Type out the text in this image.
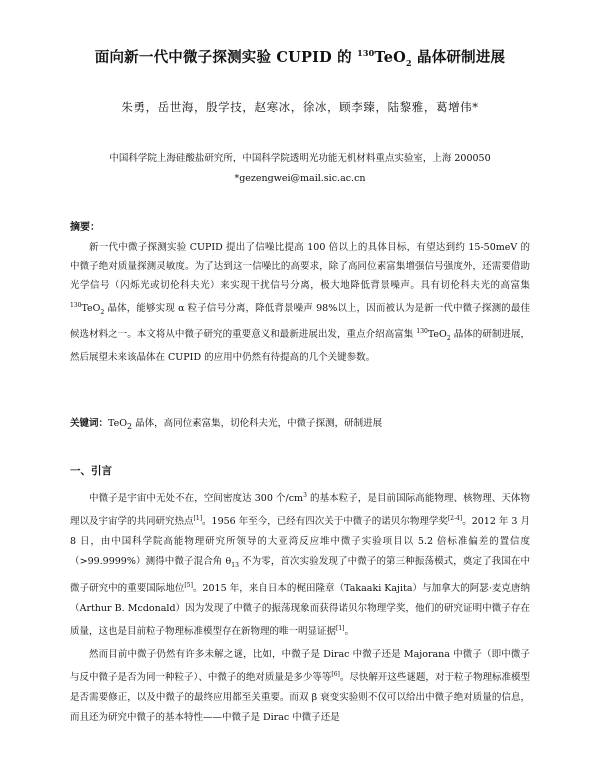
面向新一代中微子探测实验 CUPID 的 $^{130}$TeO$_2$ 晶体研制进展
朱勇，岳世海，殷学技，赵寒冰，徐冰，顾李臻，陆黎雅，葛增伟*
中国科学院上海硅酸盐研究所，中国科学院透明光功能无机材料重点实验室，上海 200050
*gezengwei@mail.sic.ac.cn
摘要：

新一代中微子探测实验 CUPID 提出了信噪比提高 100 倍以上的具体目标，有望达到约 15-50meV 的中微子绝对质量探测灵敏度。为了达到这一信噪比的高要求，除了高同位素富集增强信号强度外，还需要借助光学信号（闪烁光或切伦科夫光）来实现干扰信号分离，极大地降低背景噪声。具有切伦科夫光的高富集 $^{130}$TeO$_2$ 晶体，能够实现 α 粒子信号分离，降低背景噪声 98%以上，因而被认为是新一代中微子探测的最佳候选材料之一。本文将从中微子研究的重要意义和最新进展出发，重点介绍高富集 $^{130}$TeO$_2$ 晶体的研制进展，然后展望未来该晶体在 CUPID 的应用中仍然有待提高的几个关键参数。

关键词：TeO$_2$ 晶体，高同位素富集，切伦科夫光，中微子探测，研制进展
一、引言

中微子是宇宙中无处不在，空间密度达 300 个$/cm^3$ 的基本粒子，是目前国际高能物理、核物理、天体物理以及宇宙学的共同研究热点[1]。1956 年至今，已经有四次关于中微子的诺贝尔物理学奖[2-4]。2012 年 3 月 8 日，由中国科学院高能物理研究所领导的大亚湾反应堆中微子实验项目以 5.2 倍标准偏差的置信度（>99.9999%）测得中微子混合角 $\theta_{13}$ 不为零，首次实验发现了中微子的第三种振荡模式，奠定了我国在中微子研究中的重要国际地位[5]。2015 年，来自日本的梶田隆章（Takaaki Kajita）与加拿大的阿瑟·麦克唐纳（Arthur B. Mcdonald）因为发现了中微子的振荡现象而获得诺贝尔物理学奖，他们的研究证明中微子存在质量，这也是目前粒子物理标准模型存在新物理的唯一明显证据[1]。

然而目前中微子仍然有许多未解之谜，比如，中微子是 Dirac 中微子还是 Majorana 中微子（即中微子与反中微子是否为同一种粒子）、中微子的绝对质量是多少等等[6]。尽快解开这些谜题，对于粒子物理标准模型是否需要修正，以及中微子的最终应用都至关重要。而双 β 衰变实验则不仅可以给出中微子绝对质量的信息，而且还为研究中微子的基本特性——中微子是 Dirac 中微子还是
